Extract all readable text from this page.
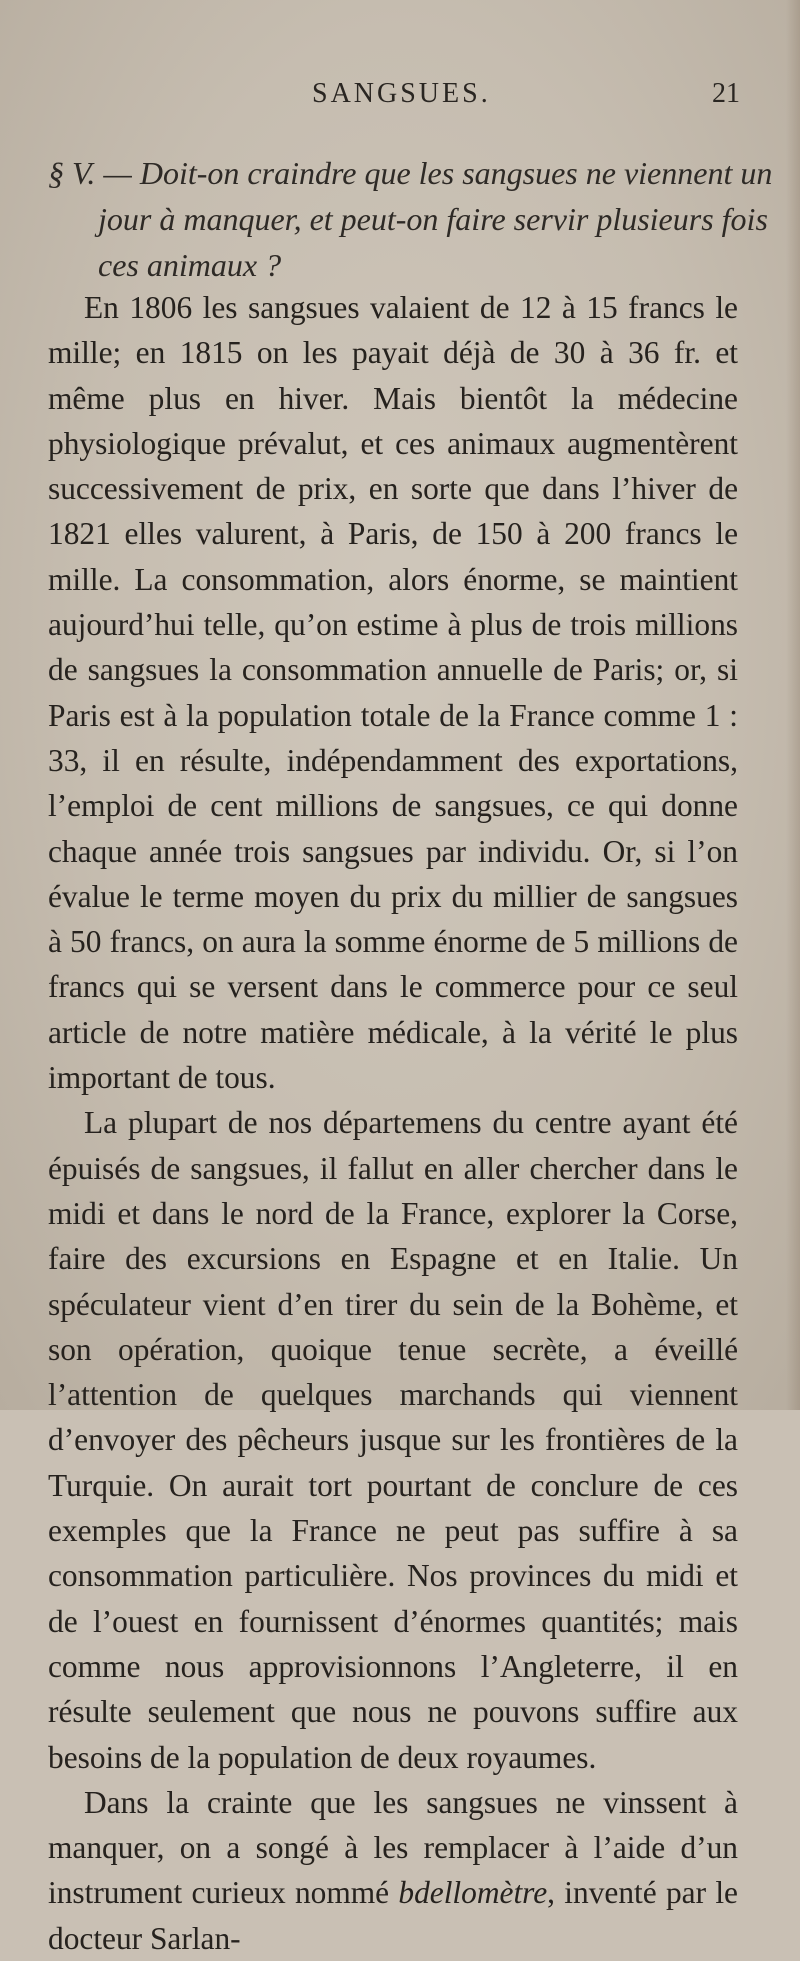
SANGSUES.	21

§ V. — Doit-on craindre que les sangsues ne viennent un jour à manquer, et peut-on faire servir plusieurs fois ces animaux ?

En 1806 les sangsues valaient de 12 à 15 francs le mille; en 1815 on les payait déjà de 30 à 36 fr. et même plus en hiver. Mais bientôt la médecine physiologique prévalut, et ces animaux augmentèrent successivement de prix, en sorte que dans l’hiver de 1821 elles valurent, à Paris, de 150 à 200 francs le mille. La consommation, alors énorme, se maintient aujourd’hui telle, qu’on estime à plus de trois millions de sangsues la consommation annuelle de Paris; or, si Paris est à la population totale de la France comme 1 : 33, il en résulte, indépendamment des exportations, l’emploi de cent millions de sangsues, ce qui donne chaque année trois sangsues par individu. Or, si l’on évalue le terme moyen du prix du millier de sangsues à 50 francs, on aura la somme énorme de 5 millions de francs qui se versent dans le commerce pour ce seul article de notre matière médicale, à la vérité le plus important de tous.

La plupart de nos départemens du centre ayant été épuisés de sangsues, il fallut en aller chercher dans le midi et dans le nord de la France, explorer la Corse, faire des excursions en Espagne et en Italie. Un spéculateur vient d’en tirer du sein de la Bohème, et son opération, quoique tenue secrète, a éveillé l’attention de quelques marchands qui viennent d’envoyer des pêcheurs jusque sur les frontières de la Turquie. On aurait tort pourtant de conclure de ces exemples que la France ne peut pas suffire à sa consommation particulière. Nos provinces du midi et de l’ouest en fournissent d’énormes quantités; mais comme nous approvisionnons l’Angleterre, il en résulte seulement que nous ne pouvons suffire aux besoins de la population de deux royaumes.

Dans la crainte que les sangsues ne vinssent à manquer, on a songé à les remplacer à l’aide d’un instrument curieux nommé bdellomètre, inventé par le docteur Sarlan-
